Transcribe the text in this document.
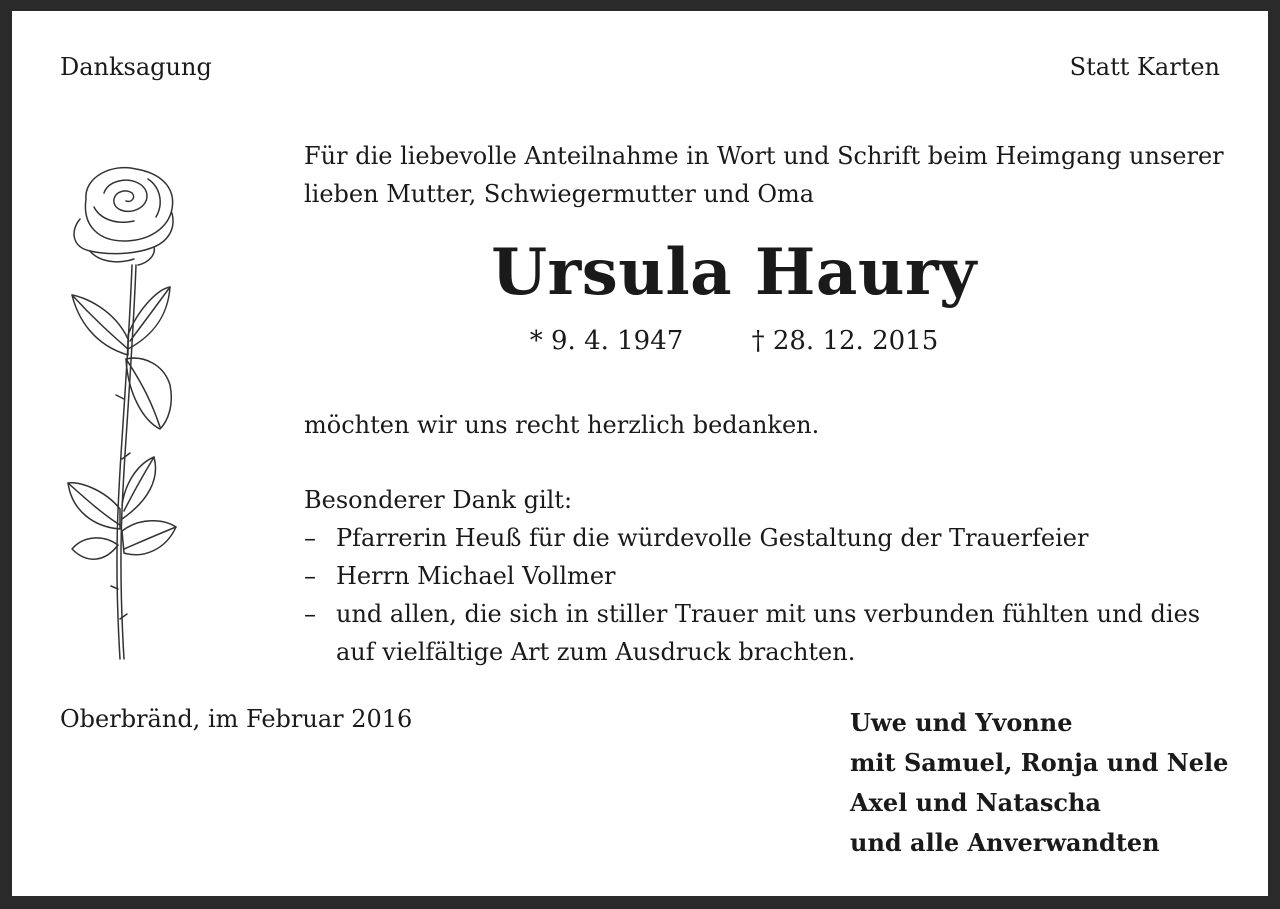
Danksagung	Statt Karten
Für die liebevolle Anteilnahme in Wort und Schrift beim Heimgang unserer
lieben Mutter, Schwiegermutter und Oma
Ursula Haury
* 9. 4. 1947	† 28. 12. 2015
möchten wir uns recht herzlich bedanken.
Besonderer Dank gilt:
– Pfarrerin Heuß für die würdevolle Gestaltung der Trauerfeier
– Herrn Michael Vollmer
– und allen, die sich in stiller Trauer mit uns verbunden fühlten und dies auf vielfältige Art zum Ausdruck brachten.
Oberbränd, im Februar 2016	Uwe und Yvonne
mit Samuel, Ronja und Nele
Axel und Natascha
und alle Anverwandten
